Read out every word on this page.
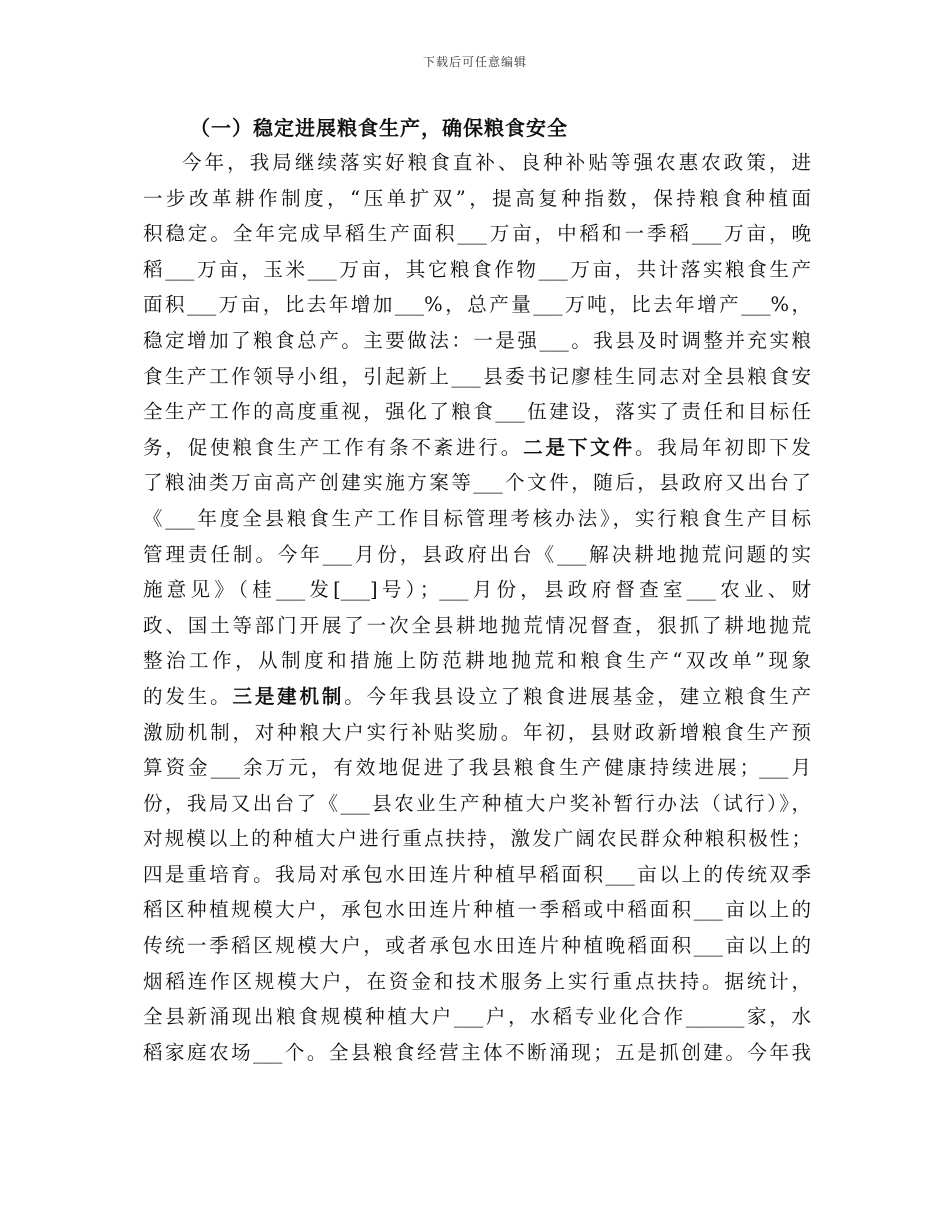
下载后可任意编辑
（一）稳定进展粮食生产，确保粮食安全
今年，我局继续落实好粮食直补、良种补贴等强农惠农政策，进
一步改革耕作制度，“压单扩双”，提高复种指数，保持粮食种植面
积稳定。全年完成早稻生产面积___万亩，中稻和一季稻___万亩，晚
稻___万亩，玉米___万亩，其它粮食作物___万亩，共计落实粮食生产
面积___万亩，比去年增加___%，总产量___万吨，比去年增产___%，
稳定增加了粮食总产。主要做法：一是强___。我县及时调整并充实粮
食生产工作领导小组，引起新上___县委书记廖桂生同志对全县粮食安
全生产工作的高度重视，强化了粮食___伍建设，落实了责任和目标任
务，促使粮食生产工作有条不紊进行。二是下文件。我局年初即下发
了粮油类万亩高产创建实施方案等___个文件，随后，县政府又出台了
《___年度全县粮食生产工作目标管理考核办法》，实行粮食生产目标
管理责任制。今年___月份，县政府出台《___解决耕地抛荒问题的实
施意见》（桂___发[___]号）；___月份，县政府督查室___农业、财
政、国土等部门开展了一次全县耕地抛荒情况督查，狠抓了耕地抛荒
整治工作，从制度和措施上防范耕地抛荒和粮食生产“双改单”现象
的发生。三是建机制。今年我县设立了粮食进展基金，建立粮食生产
激励机制，对种粮大户实行补贴奖励。年初，县财政新增粮食生产预
算资金___余万元，有效地促进了我县粮食生产健康持续进展；___月
份，我局又出台了《___县农业生产种植大户奖补暂行办法（试行）》，
对规模以上的种植大户进行重点扶持，激发广阔农民群众种粮积极性；
四是重培育。我局对承包水田连片种植早稻面积___亩以上的传统双季
稻区种植规模大户，承包水田连片种植一季稻或中稻面积___亩以上的
传统一季稻区规模大户，或者承包水田连片种植晚稻面积___亩以上的
烟稻连作区规模大户，在资金和技术服务上实行重点扶持。据统计，
全县新涌现出粮食规模种植大户___户，水稻专业化合作______家，水
稻家庭农场___个。全县粮食经营主体不断涌现；五是抓创建。今年我
